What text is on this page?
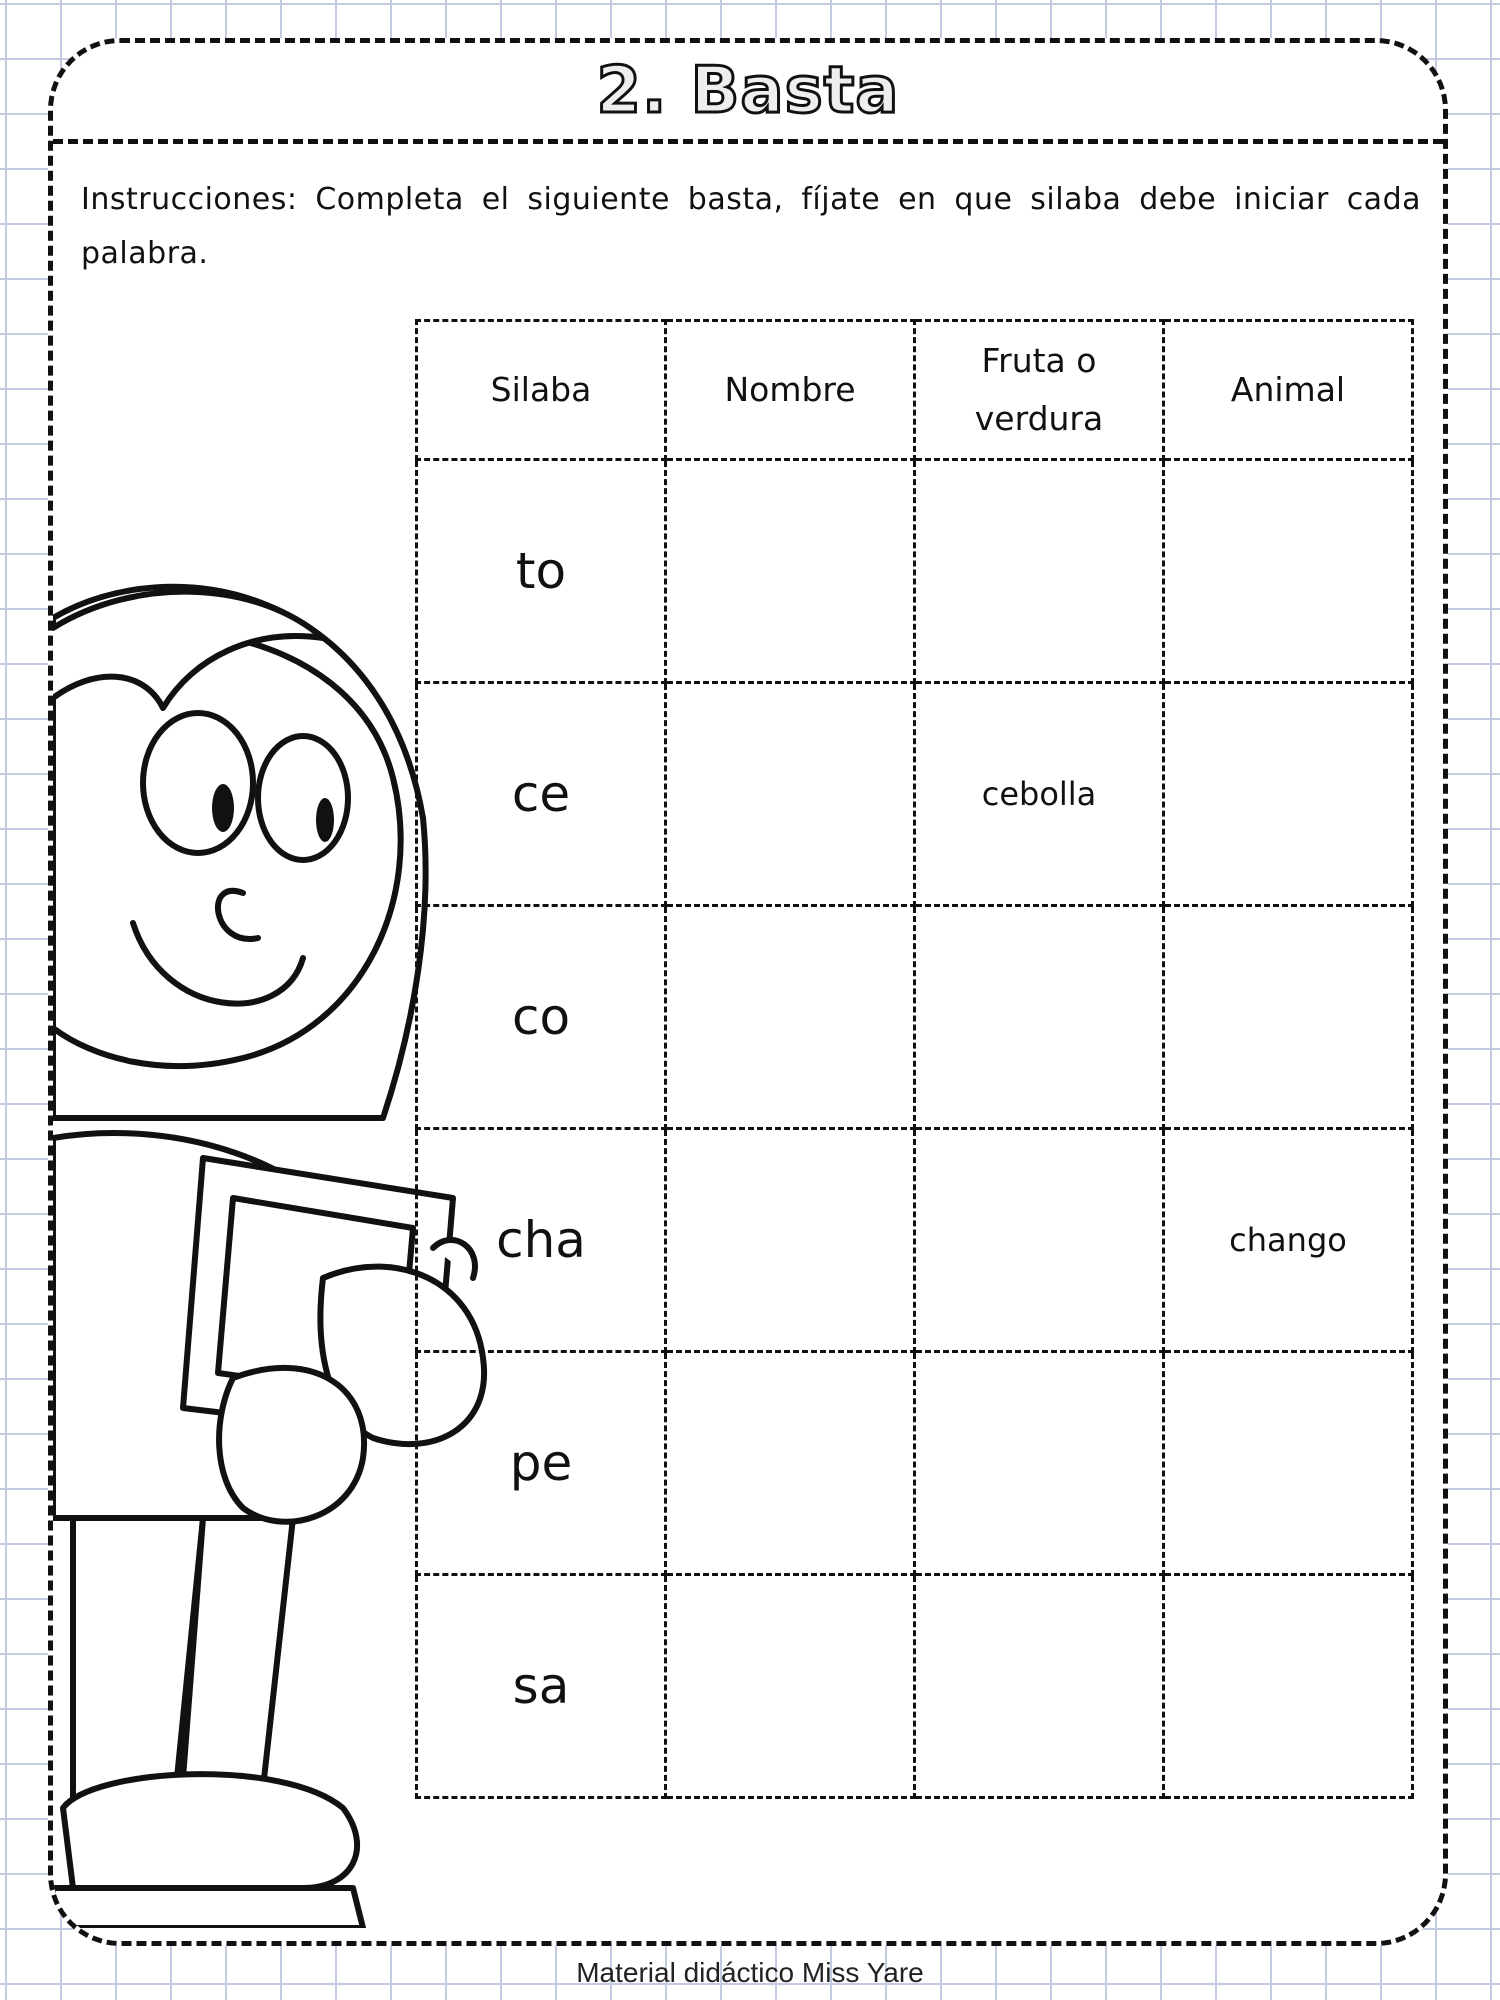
2. Basta

Instrucciones: Completa el siguiente basta, fíjate en que silaba debe iniciar cada palabra.

Silaba	Nombre	Fruta o verdura	Animal
to			
ce		cebolla	
co			
cha			chango
pe			
sa			
Material didáctico Miss Yare
